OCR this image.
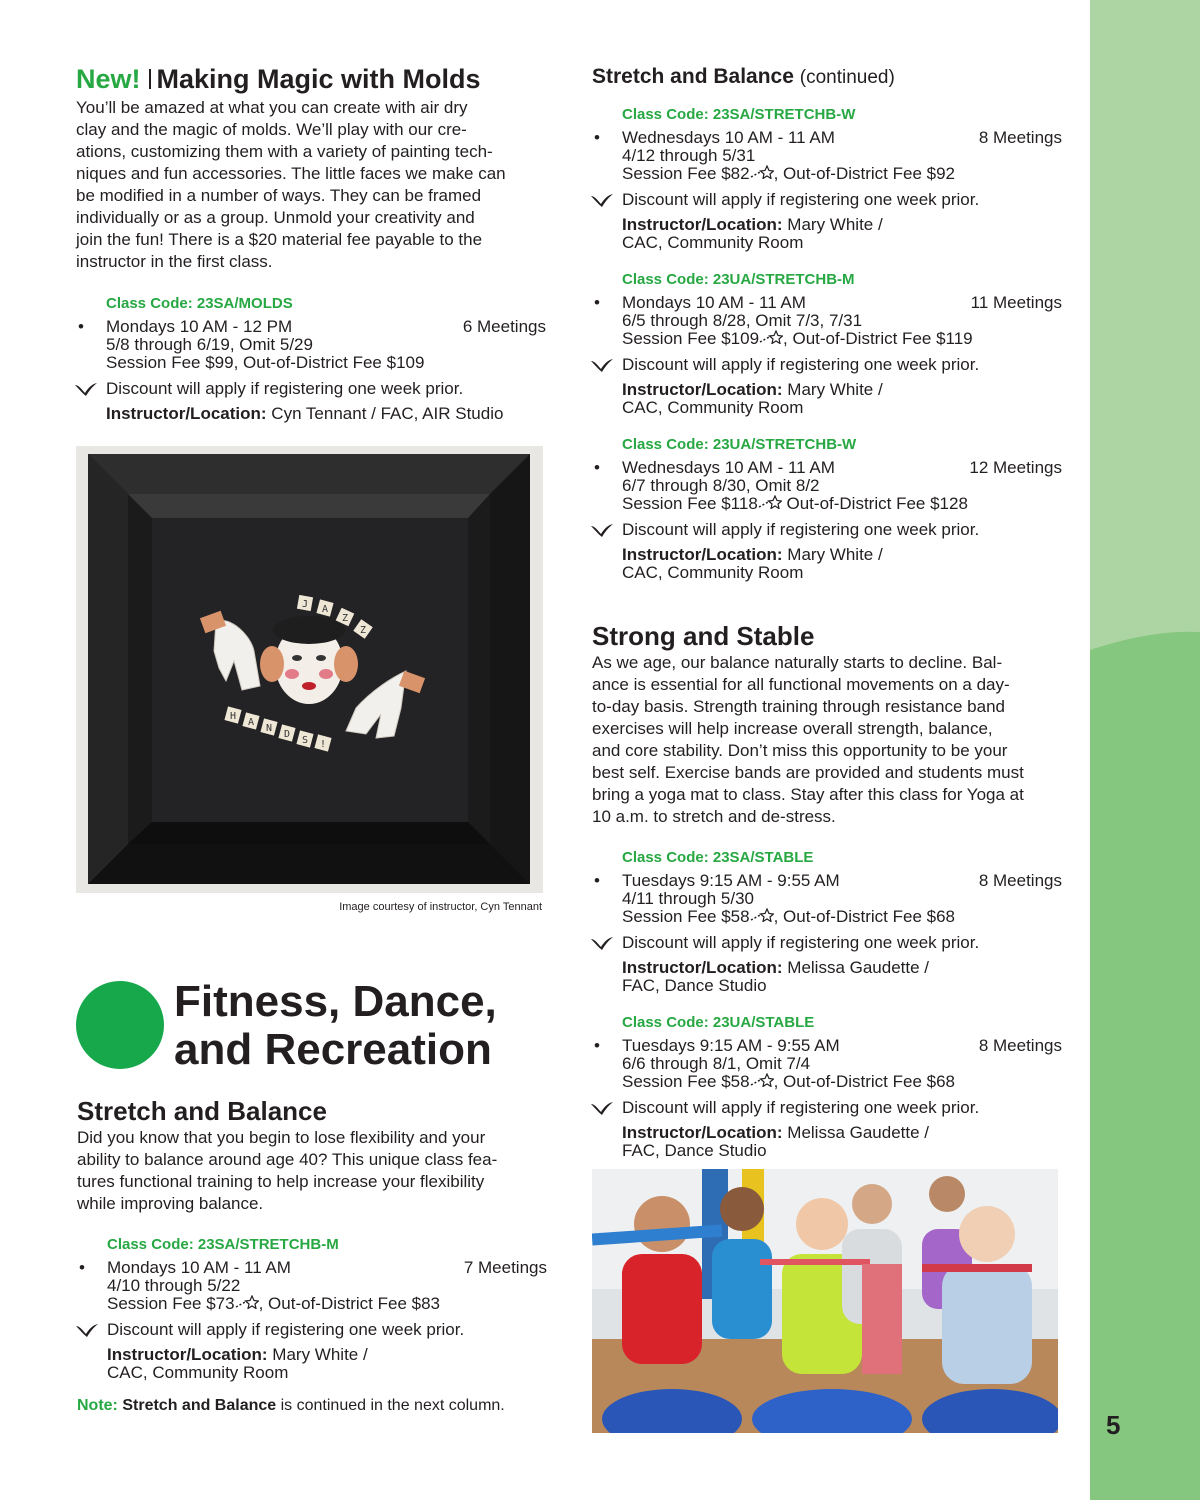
5
New! Making Magic with Molds
You’ll be amazed at what you can create with air dry
clay and the magic of molds. We’ll play with our cre-
ations, customizing them with a variety of painting tech-
niques and fun accessories. The little faces we make can
be modified in a number of ways. They can be framed
individually or as a group. Unmold your creativity and
join the fun! There is a $20 material fee payable to the
instructor in the first class.
Class Code: 23SA/MOLDS
• Mondays 10 AM - 12 PM	6 Meetings
5/8 through 6/19, Omit 5/29
Session Fee $99, Out-of-District Fee $109
Discount will apply if registering one week prior.
Instructor/Location: Cyn Tennant / FAC, AIR Studio
J A
Z
Z
H
A
N
D
S !
Image courtesy of instructor, Cyn Tennant
Fitness, Dance,
and Recreation
Stretch and Balance
Did you know that you begin to lose flexibility and your
ability to balance around age 40? This unique class fea-
tures functional training to help increase your flexibility
while improving balance.
Class Code: 23SA/STRETCHB-M
• Mondays 10 AM - 11 AM	7 Meetings
4/10 through 5/22
Session Fee $73 , Out-of-District Fee $83
Discount will apply if registering one week prior.
Instructor/Location: Mary White /
CAC, Community Room
Note: Stretch and Balance is continued in the next column.
Stretch and Balance (continued)
Class Code: 23SA/STRETCHB-W
• Wednesdays 10 AM - 11 AM	8 Meetings
4/12 through 5/31
Session Fee $82 , Out-of-District Fee $92
Discount will apply if registering one week prior.
Instructor/Location: Mary White /
CAC, Community Room
Class Code: 23UA/STRETCHB-M
• Mondays 10 AM - 11 AM	11 Meetings
6/5 through 8/28, Omit 7/3, 7/31
Session Fee $109 , Out-of-District Fee $119
Discount will apply if registering one week prior.
Instructor/Location: Mary White /
CAC, Community Room
Class Code: 23UA/STRETCHB-W
• Wednesdays 10 AM - 11 AM	12 Meetings
6/7 through 8/30, Omit 8/2
Session Fee $118 Out-of-District Fee $128
Discount will apply if registering one week prior.
Instructor/Location: Mary White /
CAC, Community Room
Strong and Stable
As we age, our balance naturally starts to decline. Bal-
ance is essential for all functional movements on a day-
to-day basis. Strength training through resistance band
exercises will help increase overall strength, balance,
and core stability. Don’t miss this opportunity to be your
best self. Exercise bands are provided and students must
bring a yoga mat to class. Stay after this class for Yoga at
10 a.m. to stretch and de-stress.
Class Code: 23SA/STABLE
• Tuesdays 9:15 AM - 9:55 AM	8 Meetings
4/11 through 5/30
Session Fee $58 , Out-of-District Fee $68
Discount will apply if registering one week prior.
Instructor/Location: Melissa Gaudette /
FAC, Dance Studio
Class Code: 23UA/STABLE
• Tuesdays 9:15 AM - 9:55 AM	8 Meetings
6/6 through 8/1, Omit 7/4
Session Fee $58 , Out-of-District Fee $68
Discount will apply if registering one week prior.
Instructor/Location: Melissa Gaudette /
FAC, Dance Studio
